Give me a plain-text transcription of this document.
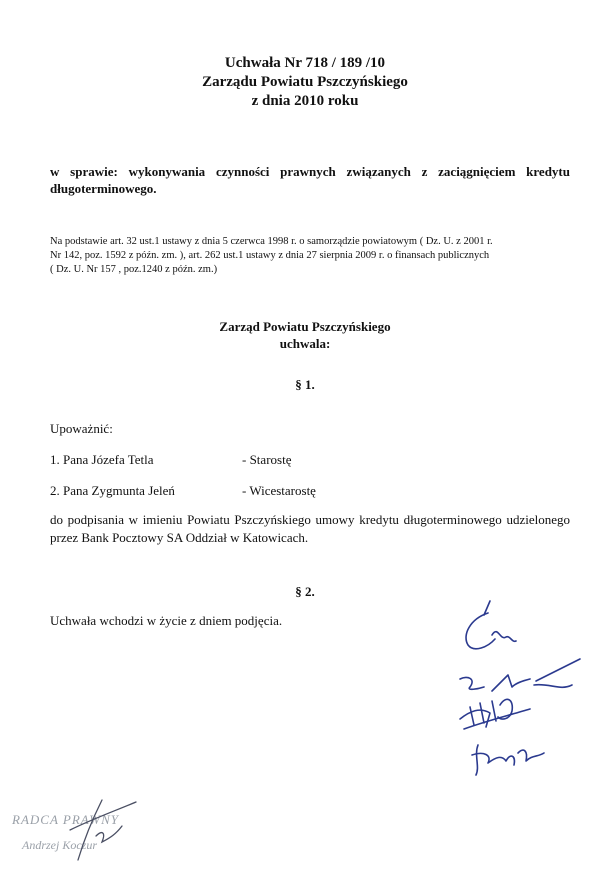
Uchwała Nr 718 / 189 /10
Zarządu Powiatu Pszczyńskiego
z dnia 2010 roku
w sprawie: wykonywania czynności prawnych związanych z zaciągnięciem kredytu długoterminowego.
Na podstawie art. 32 ust.1 ustawy z dnia 5 czerwca 1998 r. o samorządzie powiatowym ( Dz. U. z 2001 r.
Nr 142, poz. 1592 z późn. zm. ), art. 262 ust.1 ustawy z dnia 27 sierpnia 2009 r. o finansach publicznych
( Dz. U. Nr 157 , poz.1240 z późn. zm.)
Zarząd Powiatu Pszczyńskiego
uchwala:
§ 1.
Upoważnić:
1. Pana Józefa Tetla	- Starostę
2. Pana Zygmunta Jeleń	- Wicestarostę
do podpisania w imieniu Powiatu Pszczyńskiego umowy kredytu długoterminowego udzielonego przez Bank Pocztowy SA Oddział w Katowicach.
§ 2.
Uchwała wchodzi w życie z dniem podjęcia.
RADCA PRAWNY
Andrzej Koczur
